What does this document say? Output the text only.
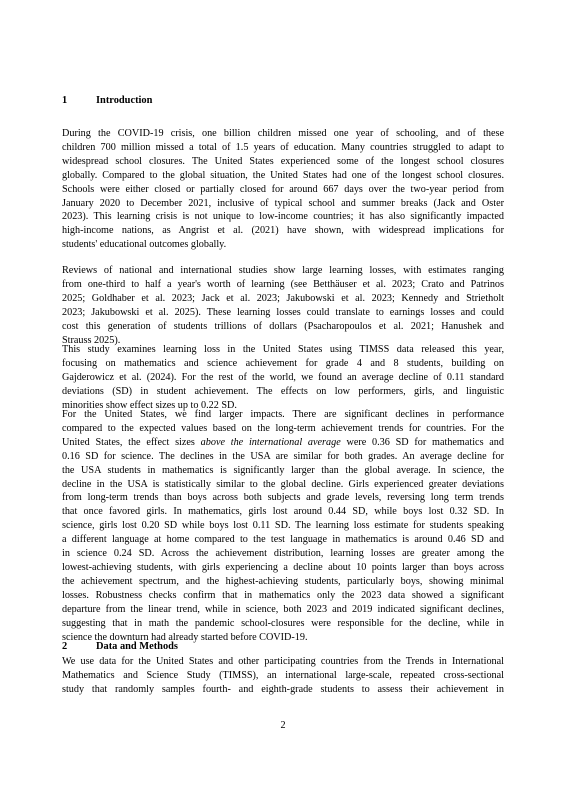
1	Introduction
During the COVID-19 crisis, one billion children missed one year of schooling, and of these
children 700 million missed a total of 1.5 years of education. Many countries struggled to adapt to
widespread school closures. The United States experienced some of the longest school closures
globally. Compared to the global situation, the United States had one of the longest school closures.
Schools were either closed or partially closed for around 667 days over the two-year period from
January 2020 to December 2021, inclusive of typical school and summer breaks (Jack and Oster
2023). This learning crisis is not unique to low-income countries; it has also significantly impacted
high-income nations, as Angrist et al. (2021) have shown, with widespread implications for
students' educational outcomes globally.
Reviews of national and international studies show large learning losses, with estimates ranging
from one-third to half a year's worth of learning (see Betthäuser et al. 2023; Crato and Patrinos
2025; Goldhaber et al. 2023; Jack et al. 2023; Jakubowski et al. 2023; Kennedy and Strietholt
2023; Jakubowski et al. 2025). These learning losses could translate to earnings losses and could
cost this generation of students trillions of dollars (Psacharopoulos et al. 2021; Hanushek and
Strauss 2025).
This study examines learning loss in the United States using TIMSS data released this year,
focusing on mathematics and science achievement for grade 4 and 8 students, building on
Gajderowicz et al. (2024). For the rest of the world, we found an average decline of 0.11 standard
deviations (SD) in student achievement. The effects on low performers, girls, and linguistic
minorities show effect sizes up to 0.22 SD.
For the United States, we find larger impacts. There are significant declines in performance
compared to the expected values based on the long-term achievement trends for countries. For the
United States, the effect sizes above the international average were 0.36 SD for mathematics and
0.16 SD for science. The declines in the USA are similar for both grades. An average decline for
the USA students in mathematics is significantly larger than the global average. In science, the
decline in the USA is statistically similar to the global decline. Girls experienced greater deviations
from long-term trends than boys across both subjects and grade levels, reversing long term trends
that once favored girls. In mathematics, girls lost around 0.44 SD, while boys lost 0.32 SD. In
science, girls lost 0.20 SD while boys lost 0.11 SD. The learning loss estimate for students speaking
a different language at home compared to the test language in mathematics is around 0.46 SD and
in science 0.24 SD. Across the achievement distribution, learning losses are greater among the
lowest-achieving students, with girls experiencing a decline about 10 points larger than boys across
the achievement spectrum, and the highest-achieving students, particularly boys, showing minimal
losses. Robustness checks confirm that in mathematics only the 2023 data showed a significant
departure from the linear trend, while in science, both 2023 and 2019 indicated significant declines,
suggesting that in math the pandemic school-closures were responsible for the decline, while in
science the downturn had already started before COVID-19.
2	Data and Methods
We use data for the United States and other participating countries from the Trends in International
Mathematics and Science Study (TIMSS), an international large-scale, repeated cross-sectional
study that randomly samples fourth- and eighth-grade students to assess their achievement in
2
